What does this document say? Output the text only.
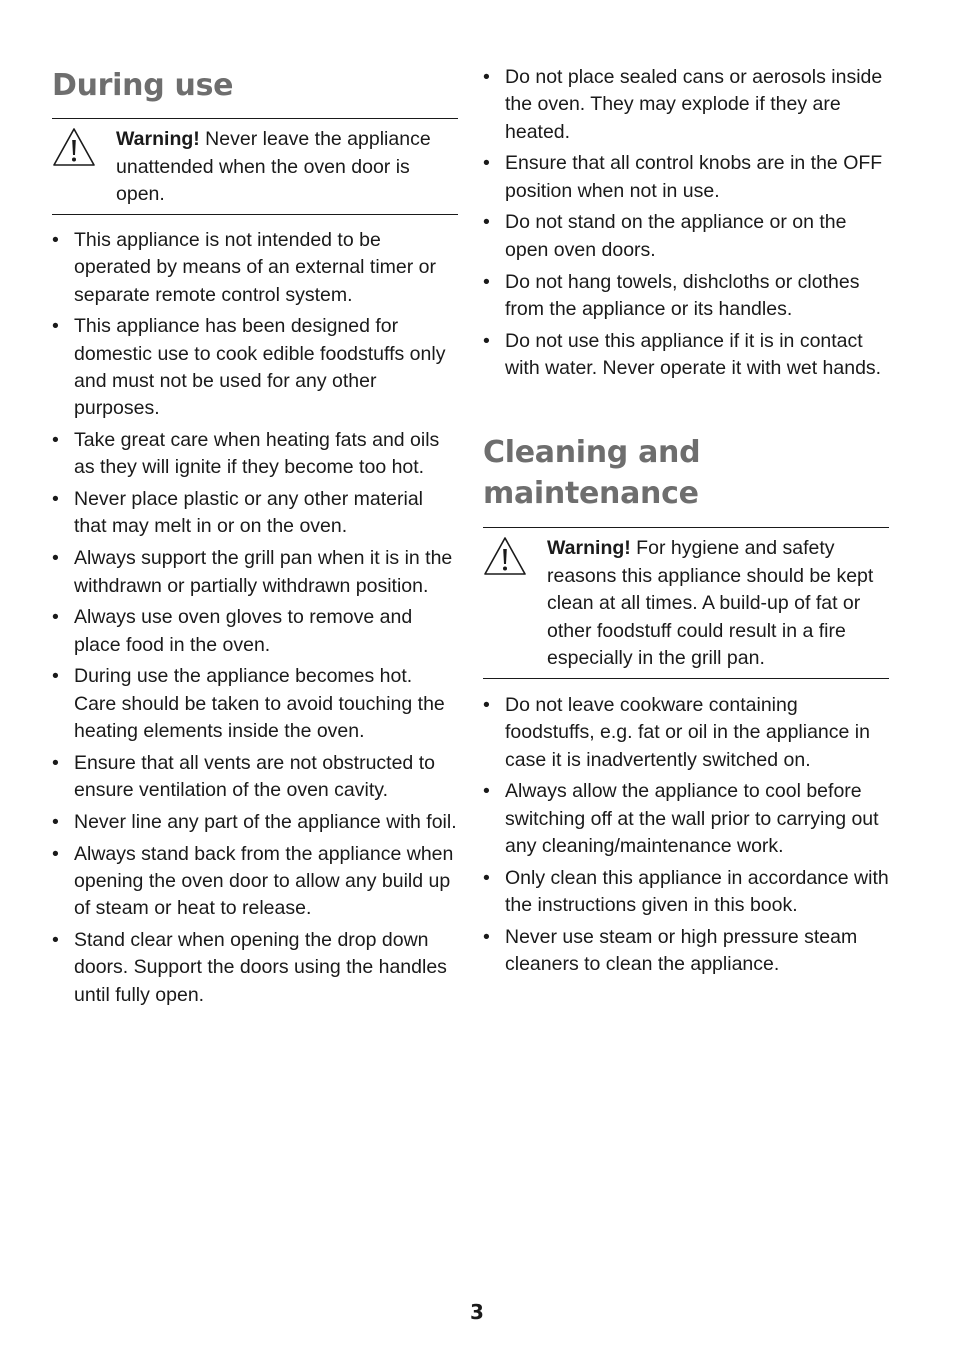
During use
Warning! Never leave the appliance unattended when the oven door is open.
• This appliance is not intended to be operated by means of an external timer or separate remote control system.
• This appliance has been designed for domestic use to cook edible foodstuffs only and must not be used for any other purposes.
• Take great care when heating fats and oils as they will ignite if they become too hot.
• Never place plastic or any other material that may melt in or on the oven.
• Always support the grill pan when it is in the withdrawn or partially withdrawn position.
• Always use oven gloves to remove and place food in the oven.
• During use the appliance becomes hot. Care should be taken to avoid touching the heating elements inside the oven.
• Ensure that all vents are not obstructed to ensure ventilation of the oven cavity.
• Never line any part of the appliance with foil.
• Always stand back from the appliance when opening the oven door to allow any build up of steam or heat to release.
• Stand clear when opening the drop down doors. Support the doors using the handles until fully open.
• Do not place sealed cans or aerosols inside the oven. They may explode if they are heated.
• Ensure that all control knobs are in the OFF position when not in use.
• Do not stand on the appliance or on the open oven doors.
• Do not hang towels, dishcloths or clothes from the appliance or its handles.
• Do not use this appliance if it is in contact with water. Never operate it with wet hands.
Cleaning and
maintenance
Warning! For hygiene and safety reasons this appliance should be kept clean at all times. A build-up of fat or other foodstuff could result in a fire especially in the grill pan.
• Do not leave cookware containing foodstuffs, e.g. fat or oil in the appliance in case it is inadvertently switched on.
• Always allow the appliance to cool before switching off at the wall prior to carrying out any cleaning/maintenance work.
• Only clean this appliance in accordance with the instructions given in this book.
• Never use steam or high pressure steam cleaners to clean the appliance.
3
